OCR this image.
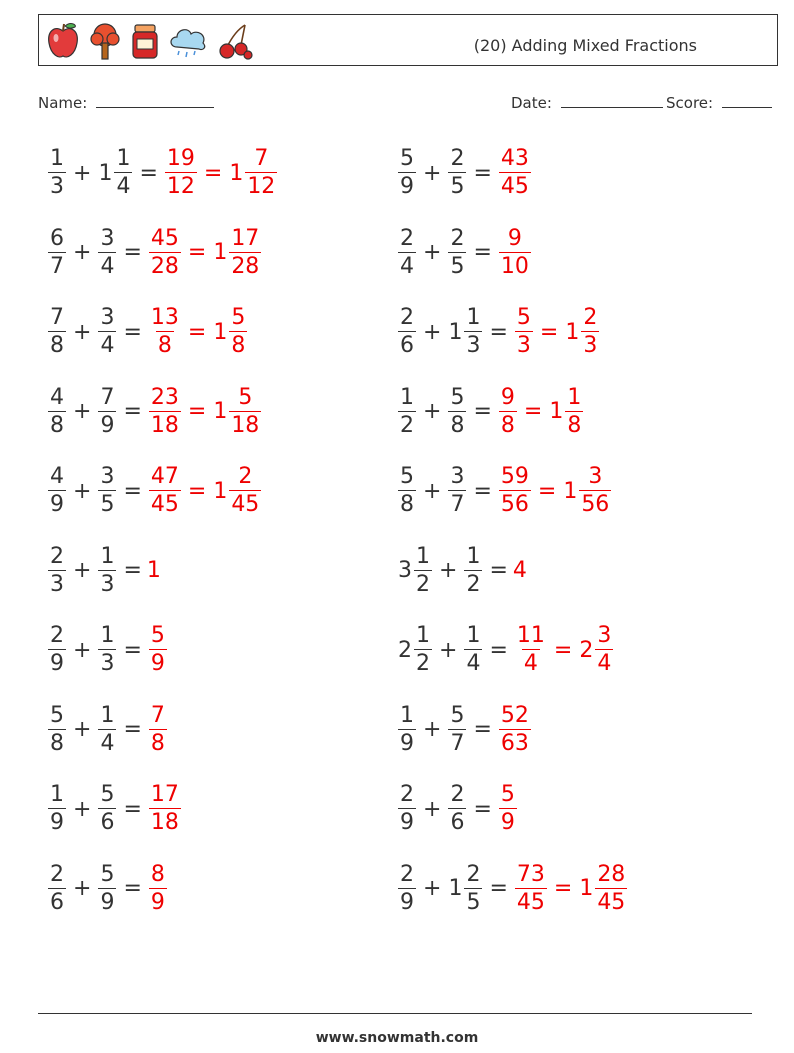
(20) Adding Mixed Fractions
Name:	Date:	Score:
$\frac{1}{3} + 1 \frac{1}{4} = \frac{19}{12} = 1 \frac{7}{12}$	$\frac{5}{9} + \frac{2}{5} = \frac{43}{45}$
$\frac{6}{7} + \frac{3}{4} = \frac{45}{28} = 1 \frac{17}{28}$	$\frac{2}{4} + \frac{2}{5} = \frac{9}{10}$
$\frac{7}{8} + \frac{3}{4} = \frac{13}{8} = 1 \frac{5}{8}$	$\frac{2}{6} + 1 \frac{1}{3} = \frac{5}{3} = 1 \frac{2}{3}$
$\frac{4}{8} + \frac{7}{9} = \frac{23}{18} = 1 \frac{5}{18}$	$\frac{1}{2} + \frac{5}{8} = \frac{9}{8} = 1 \frac{1}{8}$
$\frac{4}{9} + \frac{3}{5} = \frac{47}{45} = 1 \frac{2}{45}$	$\frac{5}{8} + \frac{3}{7} = \frac{59}{56} = 1 \frac{3}{56}$
$\frac{2}{3} + \frac{1}{3} = 1$	$3 \frac{1}{2} + \frac{1}{2} = 4$
$\frac{2}{9} + \frac{1}{3} = \frac{5}{9}$	$2 \frac{1}{2} + \frac{1}{4} = \frac{11}{4} = 2 \frac{3}{4}$
$\frac{5}{8} + \frac{1}{4} = \frac{7}{8}$	$\frac{1}{9} + \frac{5}{7} = \frac{52}{63}$
$\frac{1}{9} + \frac{5}{6} = \frac{17}{18}$	$\frac{2}{9} + \frac{2}{6} = \frac{5}{9}$
$\frac{2}{6} + \frac{5}{9} = \frac{8}{9}$	$\frac{2}{9} + 1 \frac{2}{5} = \frac{73}{45} = 1 \frac{28}{45}$
www.snowmath.com
